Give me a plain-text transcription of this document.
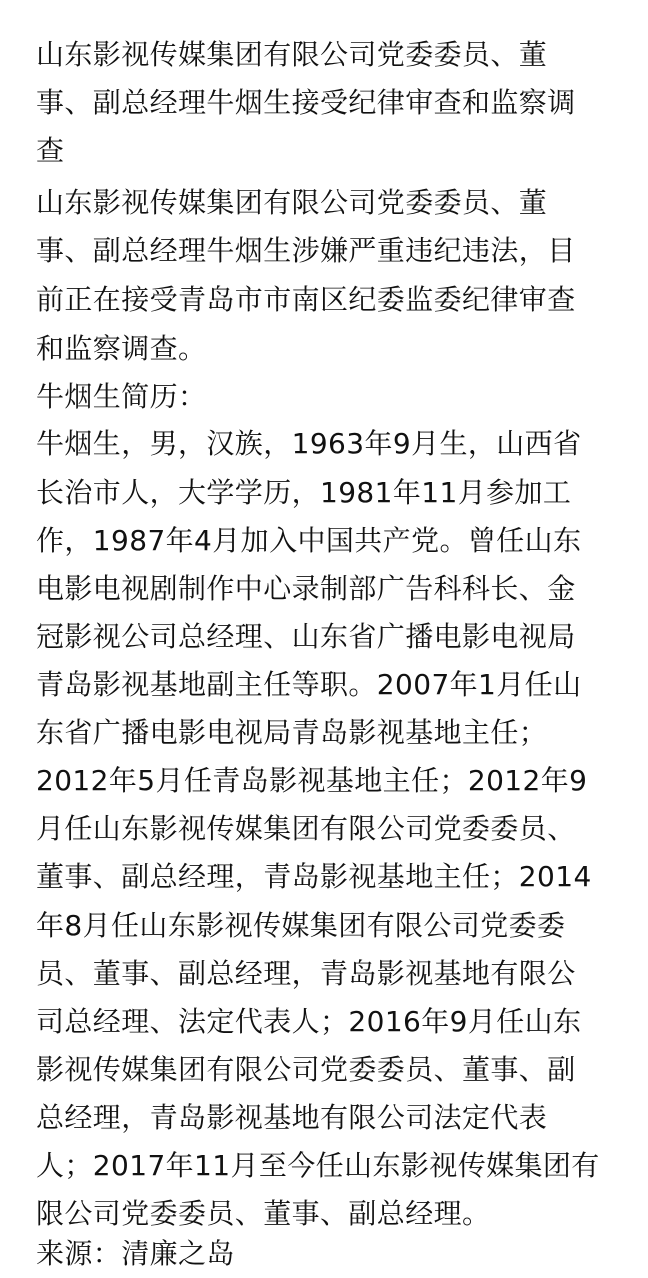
山东影视传媒集团有限公司党委委员、董
事、副总经理牛烟生接受纪律审查和监察调
查
山东影视传媒集团有限公司党委委员、董
事、副总经理牛烟生涉嫌严重违纪违法，目
前正在接受青岛市市南区纪委监委纪律审查
和监察调查。
牛烟生简历：
牛烟生，男，汉族，1963年9月生，山西省
长治市人，大学学历，1981年11月参加工
作，1987年4月加入中国共产党。曾任山东
电影电视剧制作中心录制部广告科科长、金
冠影视公司总经理、山东省广播电影电视局
青岛影视基地副主任等职。2007年1月任山
东省广播电影电视局青岛影视基地主任；
2012年5月任青岛影视基地主任；2012年9
月任山东影视传媒集团有限公司党委委员、
董事、副总经理，青岛影视基地主任；2014
年8月任山东影视传媒集团有限公司党委委
员、董事、副总经理，青岛影视基地有限公
司总经理、法定代表人；2016年9月任山东
影视传媒集团有限公司党委委员、董事、副
总经理，青岛影视基地有限公司法定代表
人；2017年11月至今任山东影视传媒集团有
限公司党委委员、董事、副总经理。
来源：清廉之岛
